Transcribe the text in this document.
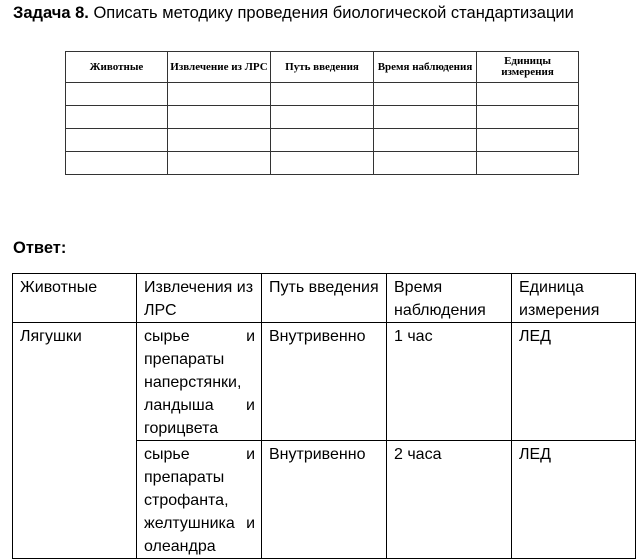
Задача 8. Описать методику проведения биологической стандартизации
Животные	Извлечение из ЛРС	Путь введения	Время наблюдения	Единицы измерения

Ответ:
Животные	Извлечения из ЛРС	Путь введения	Время наблюдения	Единица измерения
Лягушки	сырье и препараты наперстянки, ландыша и горицвета	Внутривенно	1 час	ЛЕД
	сырье и препараты строфанта, желтушника и олеандра	Внутривенно	2 часа	ЛЕД
